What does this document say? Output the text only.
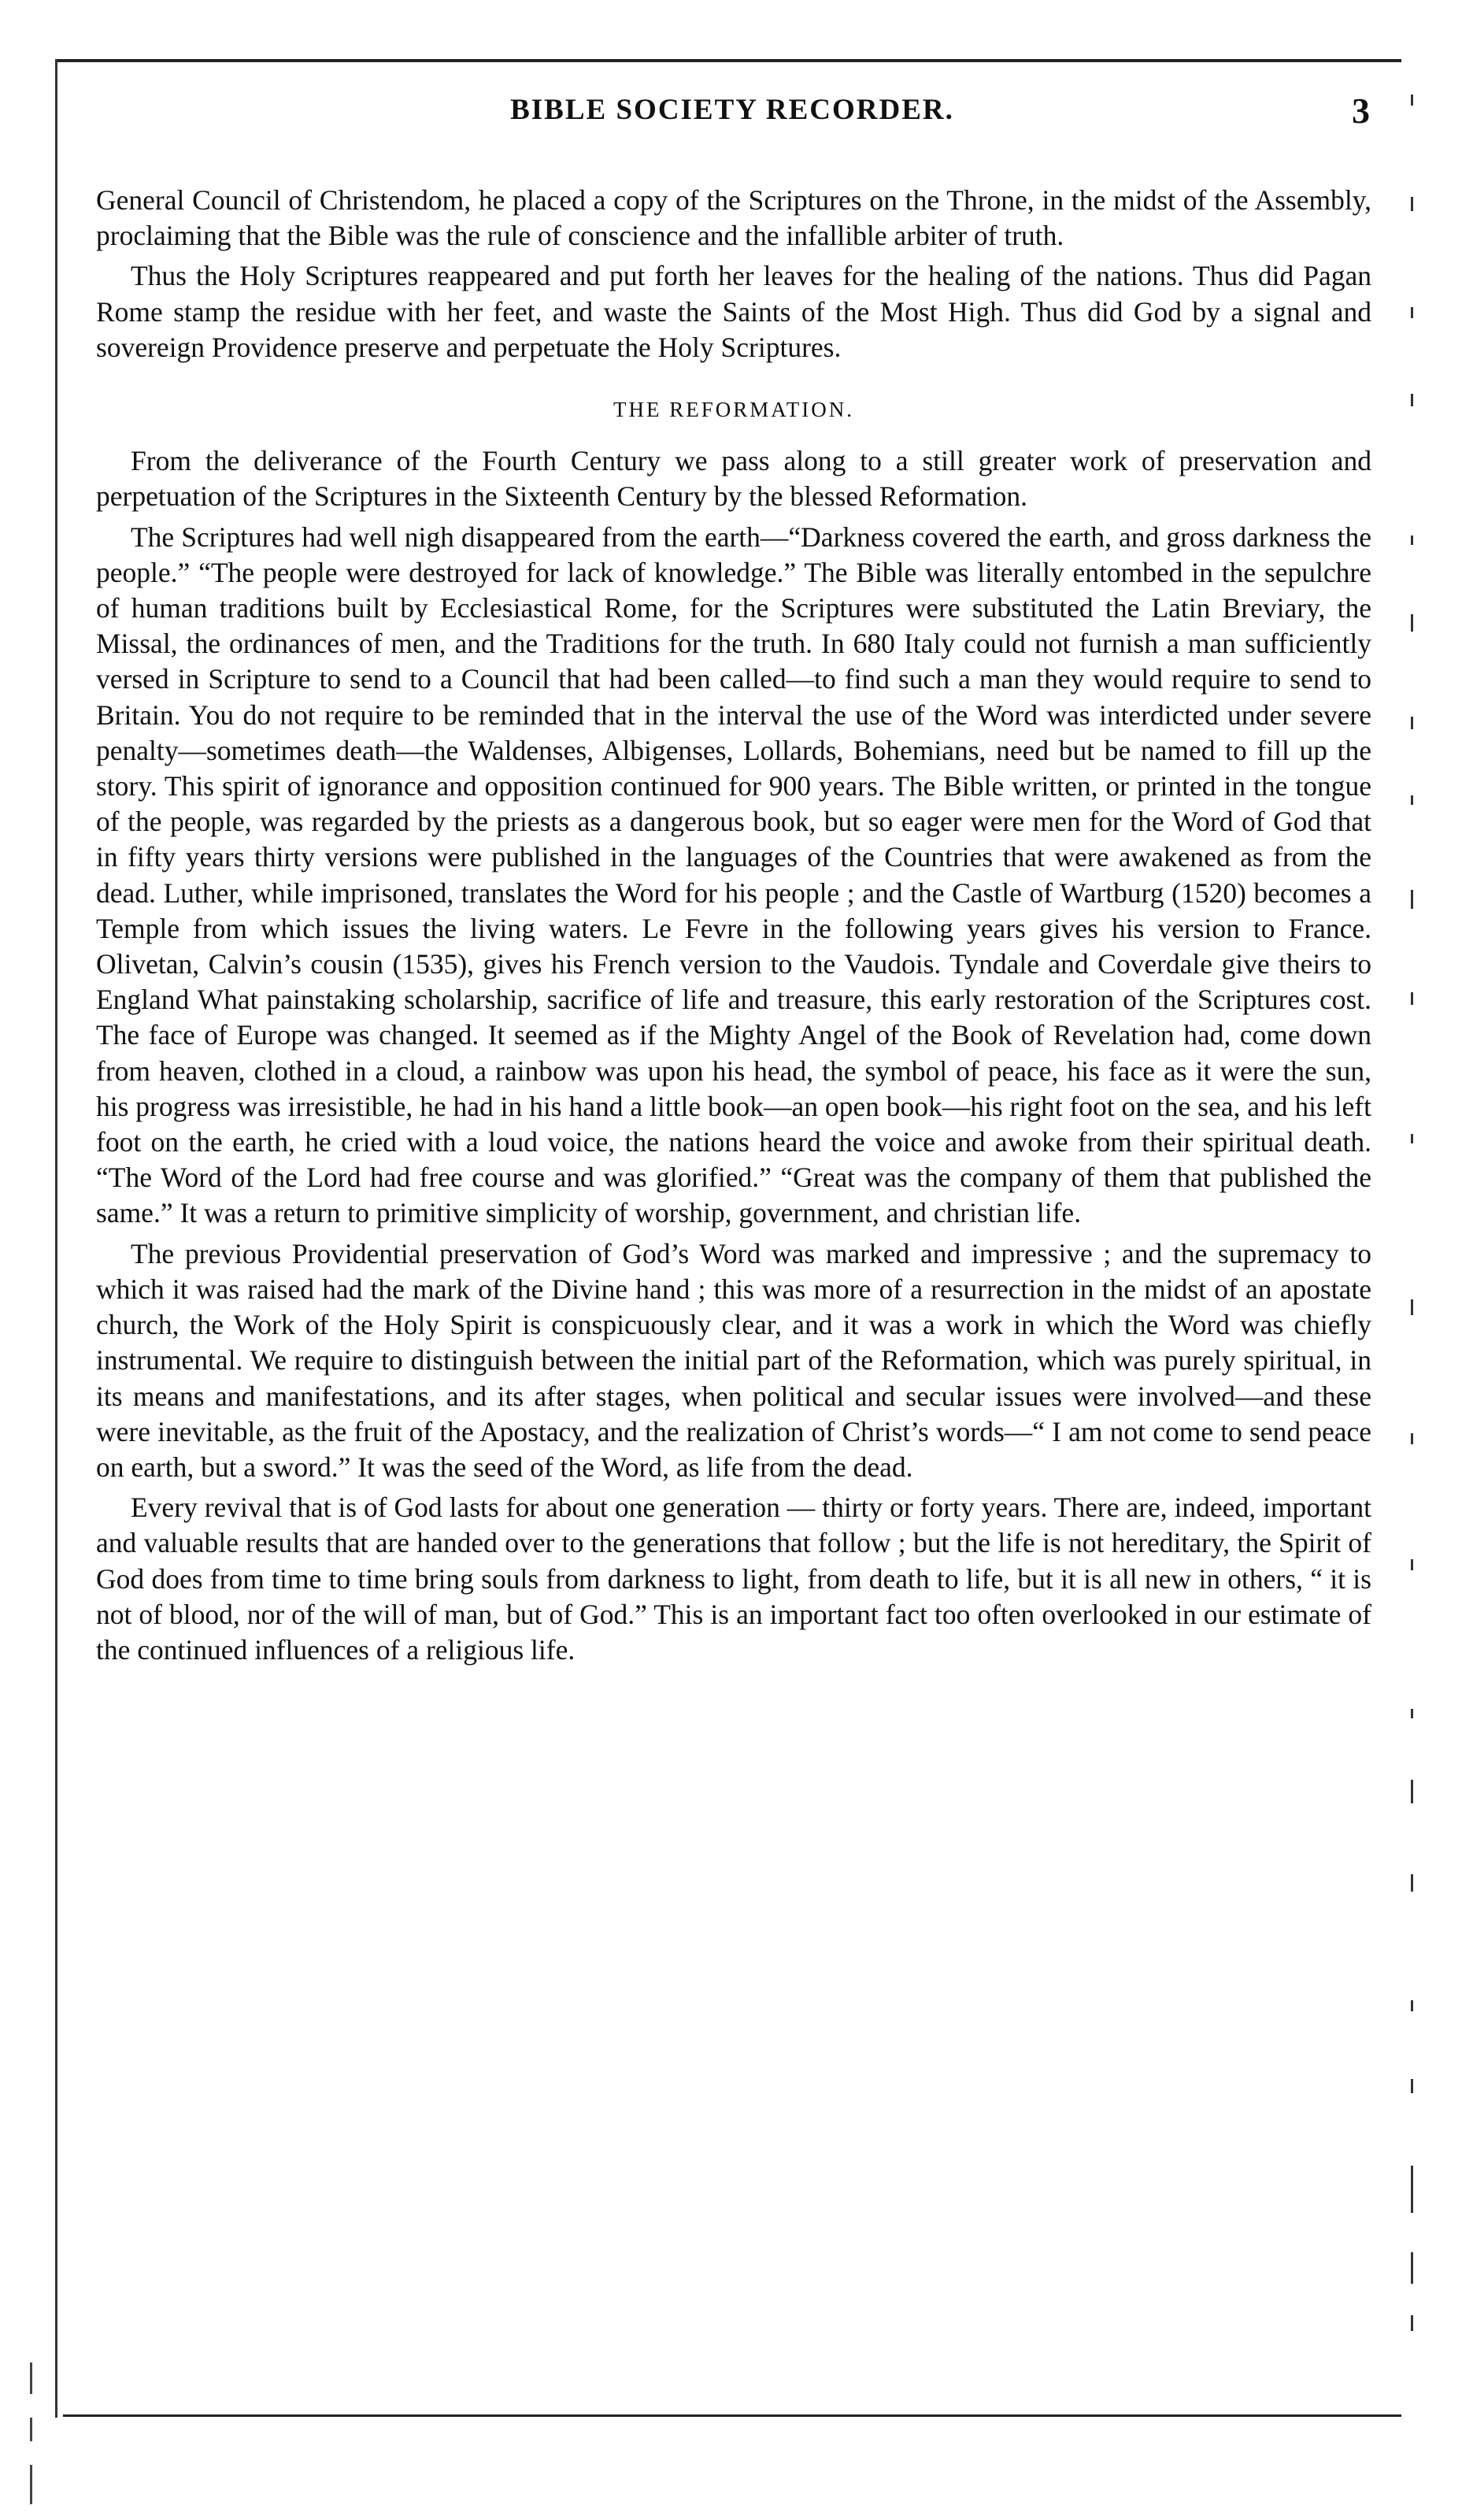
BIBLE SOCIETY RECORDER.	3

General Council of Christendom, he placed a copy of the Scriptures on the Throne, in the midst of the Assembly, proclaiming that the Bible was the rule of conscience and the infallible arbiter of truth.

Thus the Holy Scriptures reappeared and put forth her leaves for the healing of the nations. Thus did Pagan Rome stamp the residue with her feet, and waste the Saints of the Most High. Thus did God by a signal and sovereign Providence preserve and perpetuate the Holy Scriptures.

THE REFORMATION.

From the deliverance of the Fourth Century we pass along to a still greater work of preservation and perpetuation of the Scriptures in the Sixteenth Century by the blessed Reformation.

The Scriptures had well nigh disappeared from the earth—“Darkness covered the earth, and gross darkness the people.” “The people were destroyed for lack of knowledge.” The Bible was literally entombed in the sepulchre of human traditions built by Ecclesiastical Rome, for the Scriptures were substituted the Latin Breviary, the Missal, the ordinances of men, and the Traditions for the truth. In 680 Italy could not furnish a man sufficiently versed in Scripture to send to a Council that had been called—to find such a man they would require to send to Britain. You do not require to be reminded that in the interval the use of the Word was interdicted under severe penalty—sometimes death—the Waldenses, Albigenses, Lollards, Bohemians, need but be named to fill up the story. This spirit of ignorance and opposition continued for 900 years. The Bible written, or printed in the tongue of the people, was regarded by the priests as a dangerous book, but so eager were men for the Word of God that in fifty years thirty versions were published in the languages of the Countries that were awakened as from the dead. Luther, while imprisoned, translates the Word for his people ; and the Castle of Wartburg (1520) becomes a Temple from which issues the living waters. Le Fevre in the following years gives his version to France. Olivetan, Calvin’s cousin (1535), gives his French version to the Vaudois. Tyndale and Coverdale give theirs to England What painstaking scholarship, sacrifice of life and treasure, this early restoration of the Scriptures cost. The face of Europe was changed. It seemed as if the Mighty Angel of the Book of Revelation had, come down from heaven, clothed in a cloud, a rainbow was upon his head, the symbol of peace, his face as it were the sun, his progress was irresistible, he had in his hand a little book—an open book—his right foot on the sea, and his left foot on the earth, he cried with a loud voice, the nations heard the voice and awoke from their spiritual death. “The Word of the Lord had free course and was glorified.” “Great was the company of them that published the same.” It was a return to primitive simplicity of worship, government, and christian life.

The previous Providential preservation of God’s Word was marked and impressive ; and the supremacy to which it was raised had the mark of the Divine hand ; this was more of a resurrection in the midst of an apostate church, the Work of the Holy Spirit is conspicuously clear, and it was a work in which the Word was chiefly instrumental. We require to distinguish between the initial part of the Reformation, which was purely spiritual, in its means and manifestations, and its after stages, when political and secular issues were involved—and these were inevitable, as the fruit of the Apostacy, and the realization of Christ’s words—“ I am not come to send peace on earth, but a sword.” It was the seed of the Word, as life from the dead.

Every revival that is of God lasts for about one generation — thirty or forty years. There are, indeed, important and valuable results that are handed over to the generations that follow ; but the life is not hereditary, the Spirit of God does from time to time bring souls from darkness to light, from death to life, but it is all new in others, “ it is not of blood, nor of the will of man, but of God.” This is an important fact too often overlooked in our estimate of the continued influences of a religious life.
